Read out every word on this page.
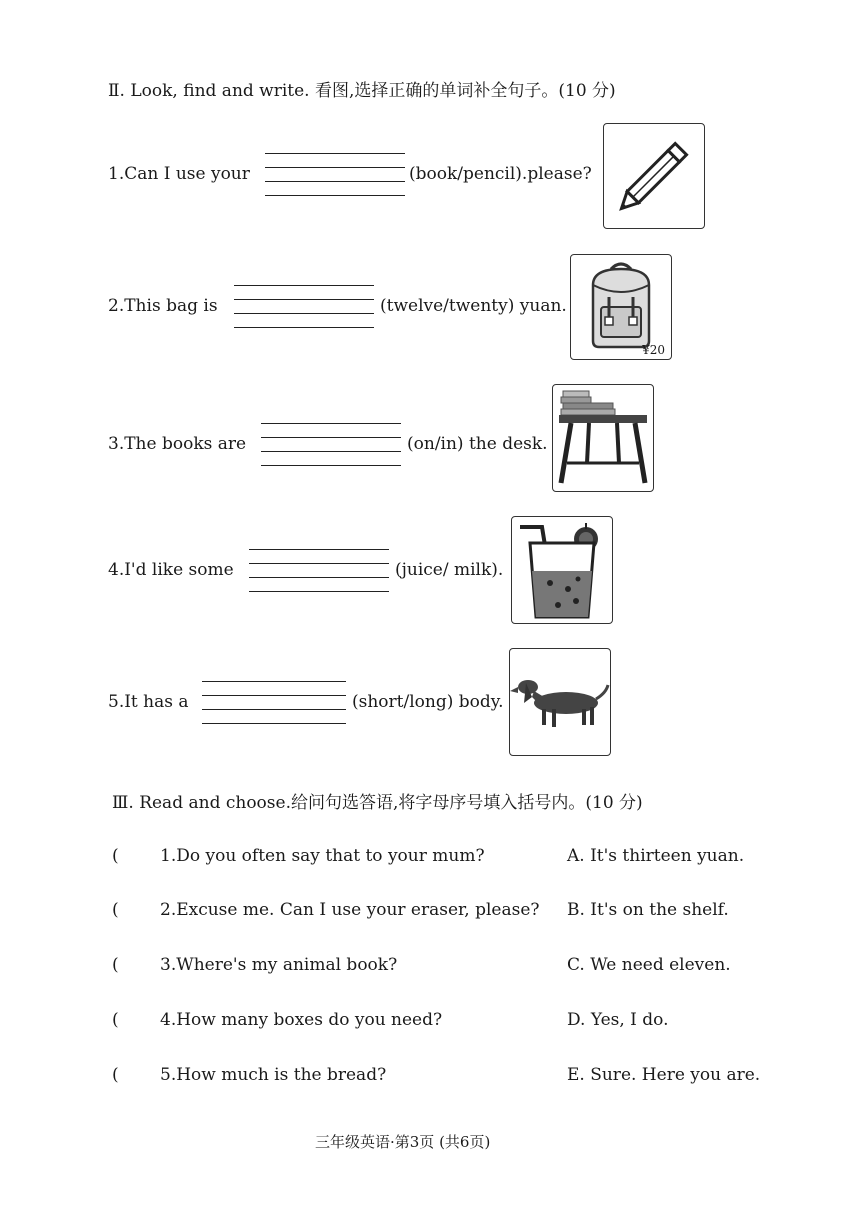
Ⅱ. Look, find and write. 看图,选择正确的单词补全句子。(10 分)
1.Can I use your	(book/pencil).please?
2.This bag is	(twelve/twenty) yuan.
¥20
3.The books are	(on/in) the desk.
4.I'd like some	(juice/ milk).
5.It has a	(short/long) body.
Ⅲ. Read and choose.给问句选答语,将字母序号填入括号内。(10 分)
( 1.Do you often say that to your mum?	A. It's thirteen yuan.
( 2.Excuse me. Can I use your eraser, please? B. It's on the shelf.
( 3.Where's my animal book?	C. We need eleven.
( 4.How many boxes do you need?	D. Yes, I do.
( 5.How much is the bread?	E. Sure. Here you are.
三年级英语·第3页 (共6页)
